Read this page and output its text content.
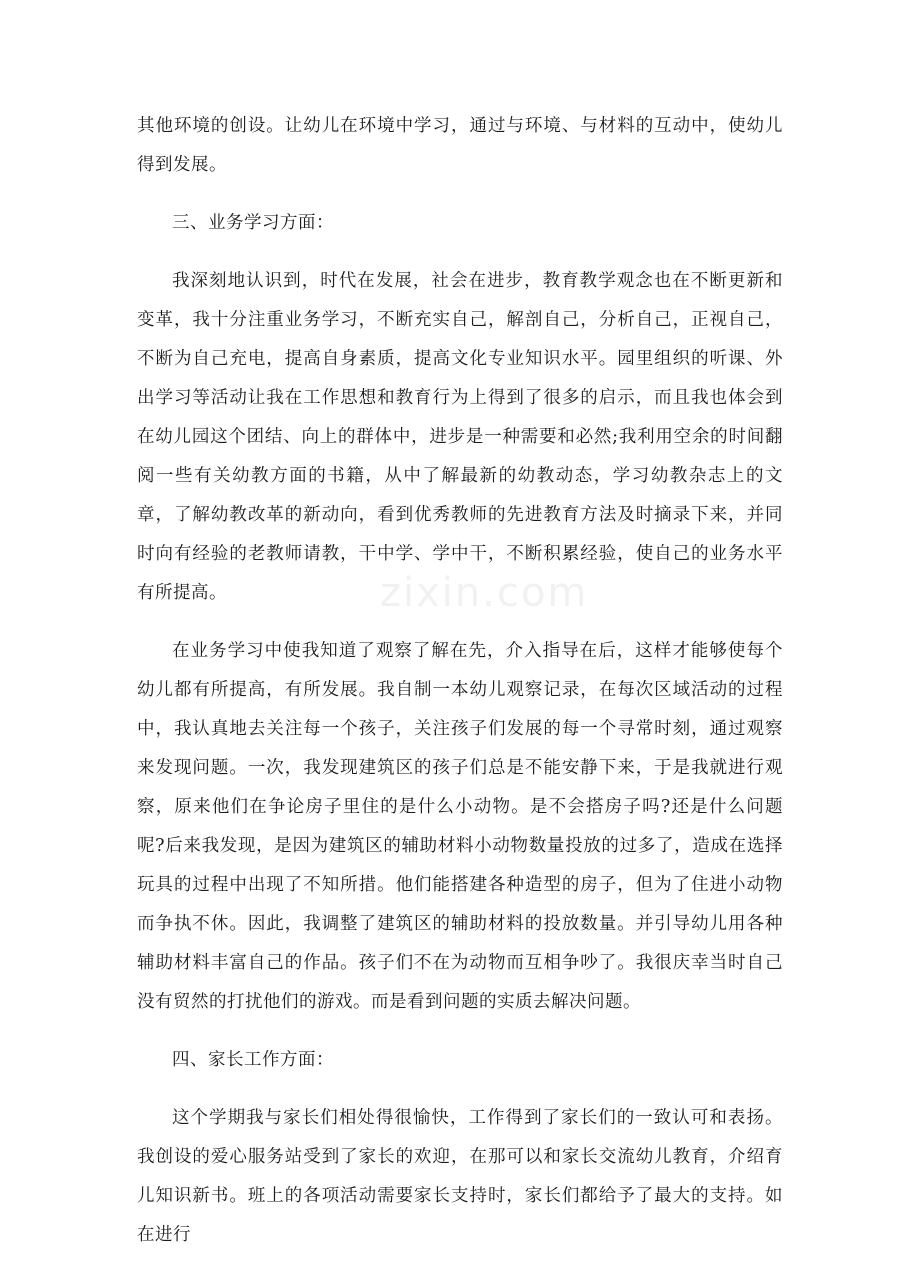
其他环境的创设。让幼儿在环境中学习，通过与环境、与材料的互动中，使幼儿得到发展。

三、业务学习方面：

我深刻地认识到，时代在发展，社会在进步，教育教学观念也在不断更新和变革，我十分注重业务学习，不断充实自己，解剖自己，分析自己，正视自己，不断为自己充电，提高自身素质，提高文化专业知识水平。园里组织的听课、外出学习等活动让我在工作思想和教育行为上得到了很多的启示，而且我也体会到在幼儿园这个团结、向上的群体中，进步是一种需要和必然;我利用空余的时间翻阅一些有关幼教方面的书籍，从中了解最新的幼教动态，学习幼教杂志上的文章，了解幼教改革的新动向，看到优秀教师的先进教育方法及时摘录下来，并同时向有经验的老教师请教，干中学、学中干，不断积累经验，使自己的业务水平有所提高。

在业务学习中使我知道了观察了解在先，介入指导在后，这样才能够使每个幼儿都有所提高，有所发展。我自制一本幼儿观察记录，在每次区域活动的过程中，我认真地去关注每一个孩子，关注孩子们发展的每一个寻常时刻，通过观察来发现问题。一次，我发现建筑区的孩子们总是不能安静下来，于是我就进行观察，原来他们在争论房子里住的是什么小动物。是不会搭房子吗?还是什么问题呢?后来我发现，是因为建筑区的辅助材料小动物数量投放的过多了，造成在选择玩具的过程中出现了不知所措。他们能搭建各种造型的房子，但为了住进小动物而争执不休。因此，我调整了建筑区的辅助材料的投放数量。并引导幼儿用各种辅助材料丰富自己的作品。孩子们不在为动物而互相争吵了。我很庆幸当时自己没有贸然的打扰他们的游戏。而是看到问题的实质去解决问题。

四、家长工作方面：

这个学期我与家长们相处得很愉快，工作得到了家长们的一致认可和表扬。我创设的爱心服务站受到了家长的欢迎，在那可以和家长交流幼儿教育，介绍育儿知识新书。班上的各项活动需要家长支持时，家长们都给予了最大的支持。如在进行

zixin.com
